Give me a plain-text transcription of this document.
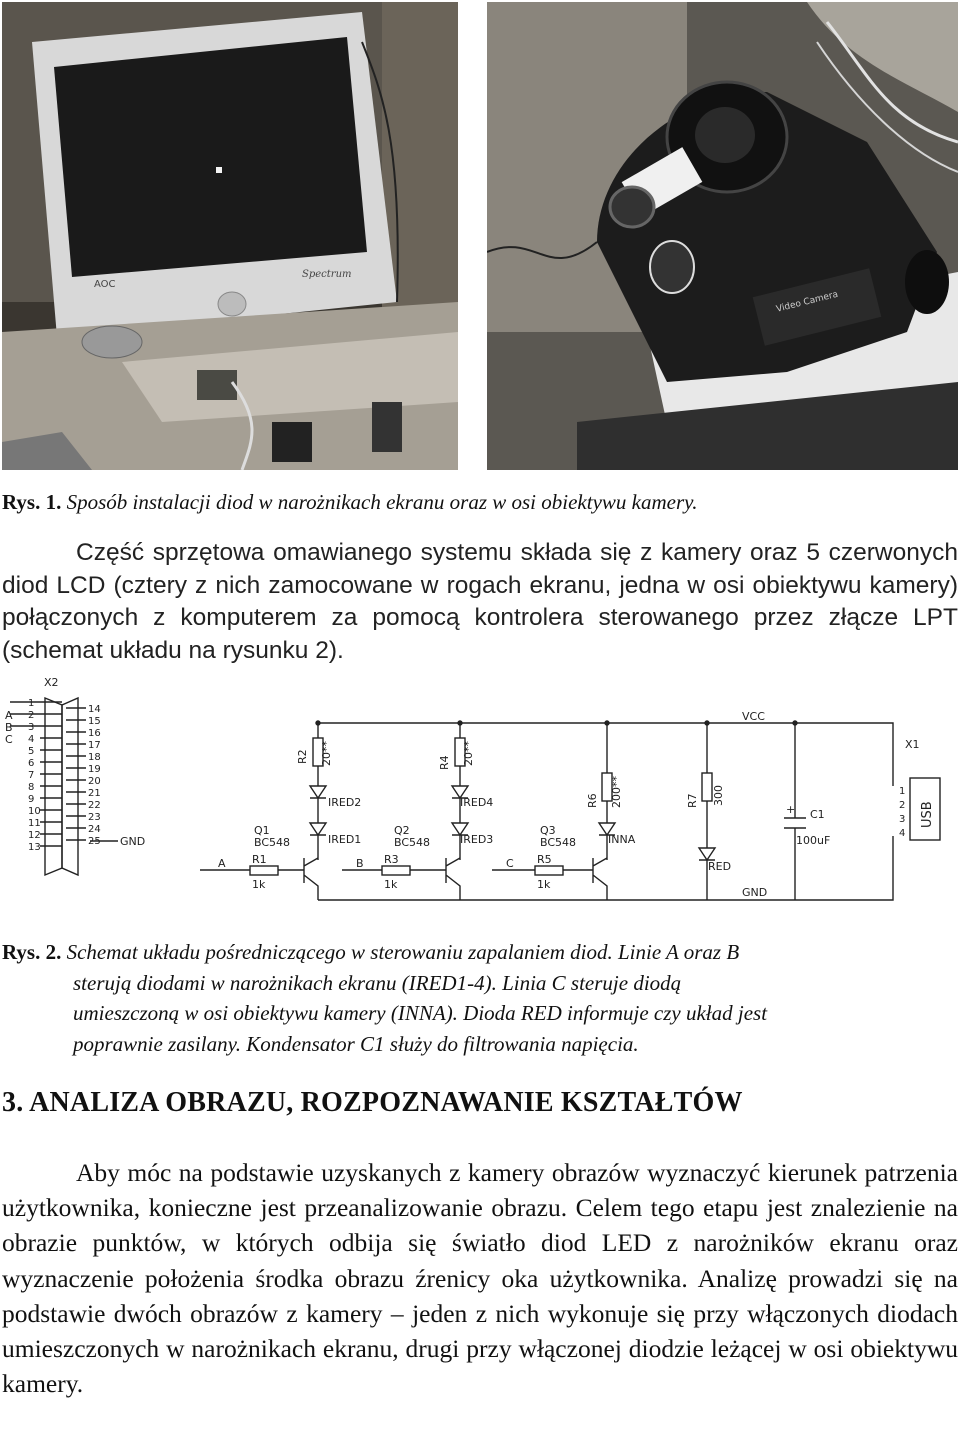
AOC
Spectrum
Video Camera
Rys. 1. Sposób instalacji diod w narożnikach ekranu oraz w osi obiektywu kamery.
Część sprzętowa omawianego systemu składa się z kamery oraz 5 czerwonych diod LCD (cztery z nich zamocowane w rogach ekranu, jedna w osi obiektywu kamery) połączonych z komputerem za pomocą kontrolera sterowanego przez złącze LPT (schemat układu na rysunku 2).
X2
1
2
3
4
5
6
7
8
9
10
11
12
13
14
15
16
17
18
19
20
21
22
23
24
25
A
B
C
GND
VCC
R2 20**
IRED2
IRED1
Q1
BC548
A R1
1k
R4 20**
IRED4
IRED3
Q2
BC548
B R3
1k
R6 200**
INNA
Q3
BC548
C R5
1k
R7 300
RED
+ C1
100uF
GND
X1
USB
1
2
3
4
Rys. 2. Schemat układu pośredniczącego w sterowaniu zapalaniem diod. Linie A oraz B
sterują diodami w narożnikach ekranu (IRED1-4). Linia C steruje diodą
umieszczoną w osi obiektywu kamery (INNA). Dioda RED informuje czy układ jest
poprawnie zasilany. Kondensator C1 służy do filtrowania napięcia.
3. ANALIZA OBRAZU, ROZPOZNAWANIE KSZTAŁTÓW
Aby móc na podstawie uzyskanych z kamery obrazów wyznaczyć kierunek patrzenia użytkownika, konieczne jest przeanalizowanie obrazu. Celem tego etapu jest znalezienie na obrazie punktów, w których odbija się światło diod LED z narożników ekranu oraz wyznaczenie położenia środka obrazu źrenicy oka użytkownika. Analizę prowadzi się na podstawie dwóch obrazów z kamery – jeden z nich wykonuje się przy włączonych diodach umieszczonych w narożnikach ekranu, drugi przy włączonej diodzie leżącej w osi obiektywu kamery.
